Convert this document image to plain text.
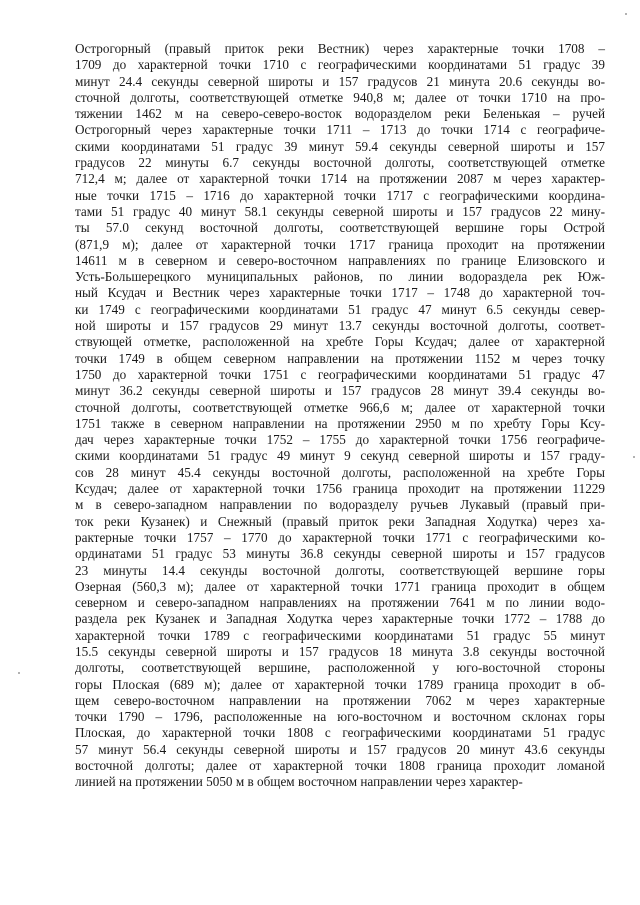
Острогорный (правый приток реки Вестник) через характерные точки 1708 –
1709 до характерной точки 1710 с географическими координатами 51 градус 39
минут 24.4 секунды северной широты и 157 градусов 21 минута 20.6 секунды во-
сточной долготы, соответствующей отметке 940,8 м; далее от точки 1710 на про-
тяжении 1462 м на северо-северо-восток водоразделом реки Беленькая – ручей
Острогорный через характерные точки 1711 – 1713 до точки 1714 с географиче-
скими координатами 51 градус 39 минут 59.4 секунды северной широты и 157
градусов 22 минуты 6.7 секунды восточной долготы, соответствующей отметке
712,4 м; далее от характерной точки 1714 на протяжении 2087 м через характер-
ные точки 1715 – 1716 до характерной точки 1717 с географическими координа-
тами 51 градус 40 минут 58.1 секунды северной широты и 157 градусов 22 мину-
ты 57.0 секунд восточной долготы, соответствующей вершине горы Острой
(871,9 м); далее от характерной точки 1717 граница проходит на протяжении
14611 м в северном и северо-восточном направлениях по границе Елизовского и
Усть-Большерецкого муниципальных районов, по линии водораздела рек Юж-
ный Ксудач и Вестник через характерные точки 1717 – 1748 до характерной точ-
ки 1749 с географическими координатами 51 градус 47 минут 6.5 секунды север-
ной широты и 157 градусов 29 минут 13.7 секунды восточной долготы, соответ-
ствующей отметке, расположенной на хребте Горы Ксудач; далее от характерной
точки 1749 в общем северном направлении на протяжении 1152 м через точку
1750 до характерной точки 1751 с географическими координатами 51 градус 47
минут 36.2 секунды северной широты и 157 градусов 28 минут 39.4 секунды во-
сточной долготы, соответствующей отметке 966,6 м; далее от характерной точки
1751 также в северном направлении на протяжении 2950 м по хребту Горы Ксу-
дач через характерные точки 1752 – 1755 до характерной точки 1756 географиче-
скими координатами 51 градус 49 минут 9 секунд северной широты и 157 граду-
сов 28 минут 45.4 секунды восточной долготы, расположенной на хребте Горы
Ксудач; далее от характерной точки 1756 граница проходит на протяжении 11229
м в северо-западном направлении по водоразделу ручьев Лукавый (правый при-
ток реки Кузанек) и Снежный (правый приток реки Западная Ходутка) через ха-
рактерные точки 1757 – 1770 до характерной точки 1771 с географическими ко-
ординатами 51 градус 53 минуты 36.8 секунды северной широты и 157 градусов
23 минуты 14.4 секунды восточной долготы, соответствующей вершине горы
Озерная (560,3 м); далее от характерной точки 1771 граница проходит в общем
северном и северо-западном направлениях на протяжении 7641 м по линии водо-
раздела рек Кузанек и Западная Ходутка через характерные точки 1772 – 1788 до
характерной точки 1789 с географическими координатами 51 градус 55 минут
15.5 секунды северной широты и 157 градусов 18 минута 3.8 секунды восточной
долготы, соответствующей вершине, расположенной у юго-восточной стороны
горы Плоская (689 м); далее от характерной точки 1789 граница проходит в об-
щем северо-восточном направлении на протяжении 7062 м через характерные
точки 1790 – 1796, расположенные на юго-восточном и восточном склонах горы
Плоская, до характерной точки 1808 с географическими координатами 51 градус
57 минут 56.4 секунды северной широты и 157 градусов 20 минут 43.6 секунды
восточной долготы; далее от характерной точки 1808 граница проходит ломаной
линией на протяжении 5050 м в общем восточном направлении через характер-
